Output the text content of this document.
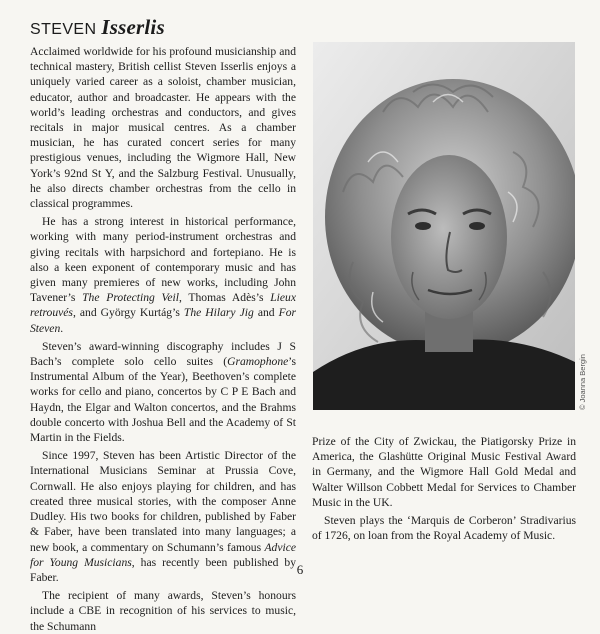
STEVEN Isserlis

Acclaimed worldwide for his profound musicianship and technical mastery, British cellist Steven Isserlis enjoys a uniquely varied career as a soloist, chamber musician, educator, author and broadcaster. He appears with the world’s leading orchestras and conductors, and gives recitals in major musical centres. As a chamber musician, he has curated concert series for many prestigious venues, including the Wigmore Hall, New York’s 92nd St Y, and the Salzburg Festival. Unusually, he also directs chamber orchestras from the cello in classical programmes.

He has a strong interest in historical performance, working with many period-instrument orchestras and giving recitals with harpsichord and fortepiano. He is also a keen exponent of contemporary music and has given many premieres of new works, including John Tavener’s The Protecting Veil, Thomas Adès’s Lieux retrouvés, and György Kurtág’s The Hilary Jig and For Steven.

Steven’s award-winning discography includes J S Bach’s complete solo cello suites (Gramophone’s Instrumental Album of the Year), Beethoven’s complete works for cello and piano, concertos by C P E Bach and Haydn, the Elgar and Walton concertos, and the Brahms double concerto with Joshua Bell and the Academy of St Martin in the Fields.

Since 1997, Steven has been Artistic Director of the International Musicians Seminar at Prussia Cove, Cornwall. He also enjoys playing for children, and has created three musical stories, with the composer Anne Dudley. His two books for children, published by Faber & Faber, have been translated into many languages; a new book, a commentary on Schumann’s famous Advice for Young Musicians, has recently been published by Faber.

The recipient of many awards, Steven’s honours include a CBE in recognition of his services to music, the Schumann

© Joanna Bergin

Prize of the City of Zwickau, the Piatigorsky Prize in America, the Glashütte Original Music Festival Award in Germany, and the Wigmore Hall Gold Medal and Walter Willson Cobbett Medal for Services to Chamber Music in the UK.

Steven plays the ‘Marquis de Corberon’ Stradivarius of 1726, on loan from the Royal Academy of Music.

6
